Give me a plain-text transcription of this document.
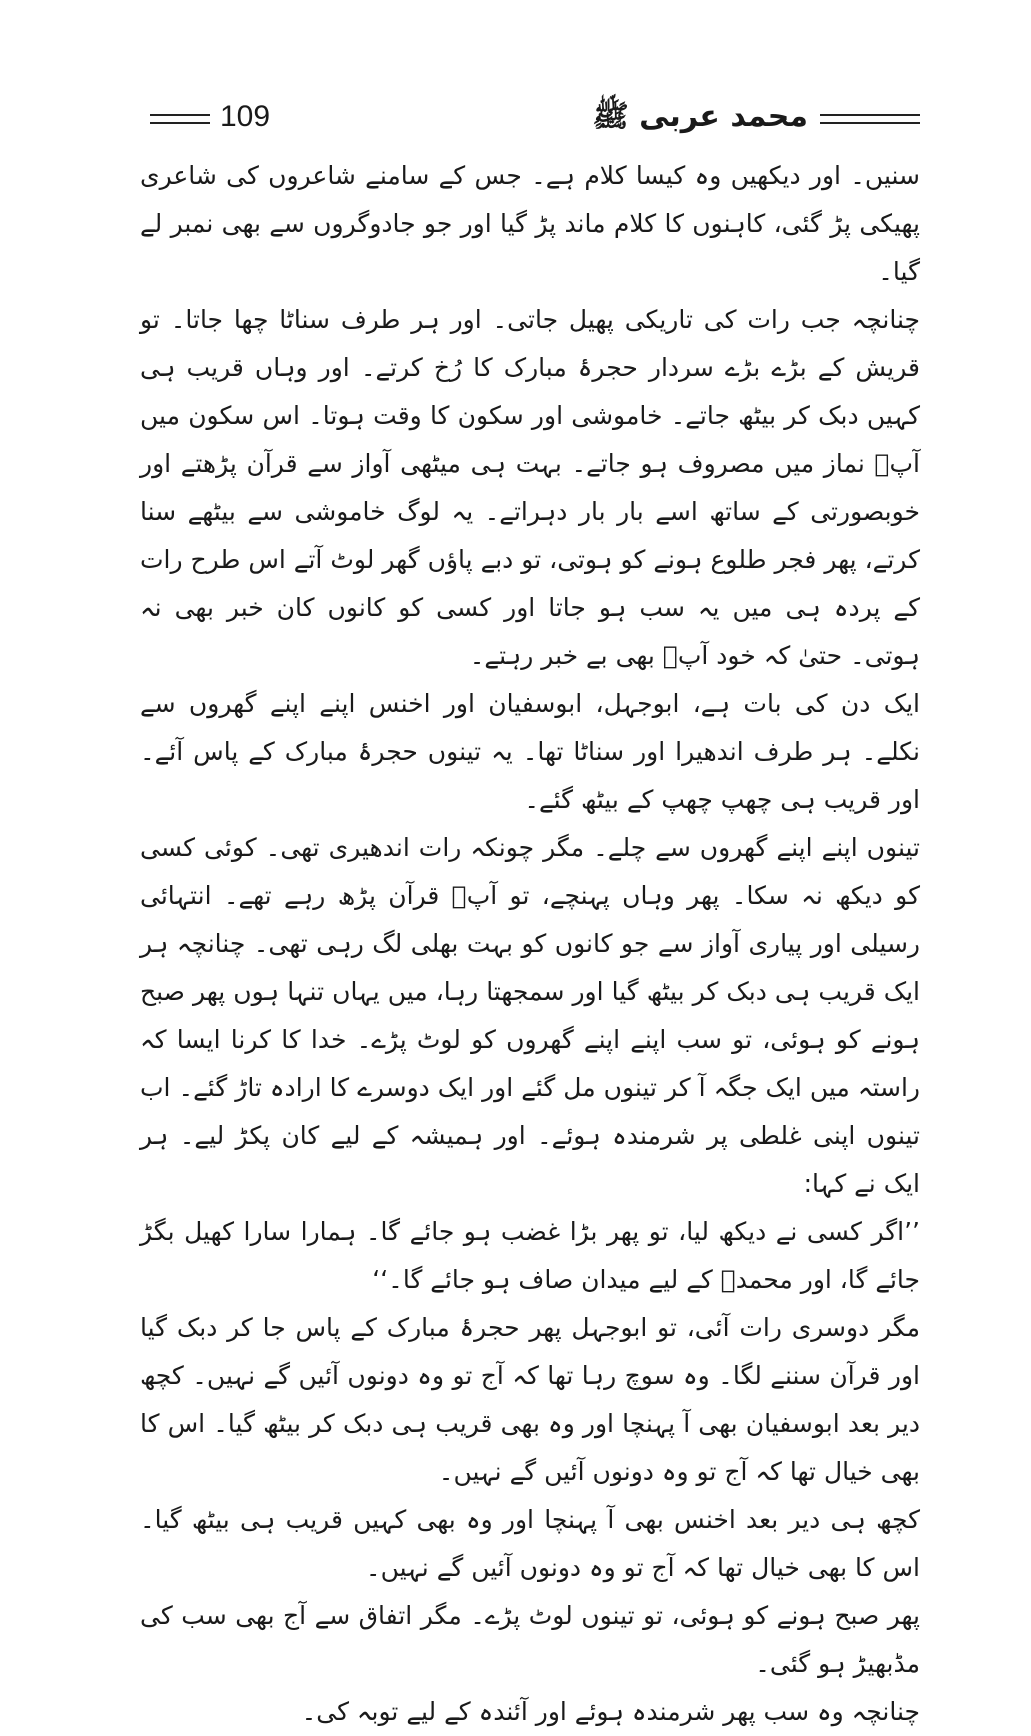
109	محمد عربی ﷺ

سنیں۔ اور دیکھیں وہ کیسا کلام ہے۔ جس کے سامنے شاعروں کی شاعری پھیکی پڑ گئی، کاہنوں کا کلام ماند پڑ گیا اور جو جادوگروں سے بھی نمبر لے گیا۔

چنانچہ جب رات کی تاریکی پھیل جاتی۔ اور ہر طرف سناٹا چھا جاتا۔ تو قریش کے بڑے بڑے سردار حجرۂ مبارک کا رُخ کرتے۔ اور وہاں قریب ہی کہیں دبک کر بیٹھ جاتے۔ خاموشی اور سکون کا وقت ہوتا۔ اس سکون میں آپؐ نماز میں مصروف ہو جاتے۔ بہت ہی میٹھی آواز سے قرآن پڑھتے اور خوبصورتی کے ساتھ اسے بار بار دہراتے۔ یہ لوگ خاموشی سے بیٹھے سنا کرتے، پھر فجر طلوع ہونے کو ہوتی، تو دبے پاؤں گھر لوٹ آتے اس طرح رات کے پردہ ہی میں یہ سب ہو جاتا اور کسی کو کانوں کان خبر بھی نہ ہوتی۔ حتیٰ کہ خود آپؐ بھی بے خبر رہتے۔

ایک دن کی بات ہے، ابوجہل، ابوسفیان اور اخنس اپنے اپنے گھروں سے نکلے۔ ہر طرف اندھیرا اور سناٹا تھا۔ یہ تینوں حجرۂ مبارک کے پاس آئے۔ اور قریب ہی چھپ چھپ کے بیٹھ گئے۔

تینوں اپنے اپنے گھروں سے چلے۔ مگر چونکہ رات اندھیری تھی۔ کوئی کسی کو دیکھ نہ سکا۔ پھر وہاں پہنچے، تو آپؐ قرآن پڑھ رہے تھے۔ انتہائی رسیلی اور پیاری آواز سے جو کانوں کو بہت بھلی لگ رہی تھی۔ چنانچہ ہر ایک قریب ہی دبک کر بیٹھ گیا اور سمجھتا رہا، میں یہاں تنہا ہوں پھر صبح ہونے کو ہوئی، تو سب اپنے اپنے گھروں کو لوٹ پڑے۔ خدا کا کرنا ایسا کہ راستہ میں ایک جگہ آ کر تینوں مل گئے اور ایک دوسرے کا ارادہ تاڑ گئے۔ اب تینوں اپنی غلطی پر شرمندہ ہوئے۔ اور ہمیشہ کے لیے کان پکڑ لیے۔ ہر ایک نے کہا:

’’اگر کسی نے دیکھ لیا، تو پھر بڑا غضب ہو جائے گا۔ ہمارا سارا کھیل بگڑ جائے گا، اور محمدؐ کے لیے میدان صاف ہو جائے گا۔‘‘

مگر دوسری رات آئی، تو ابوجہل پھر حجرۂ مبارک کے پاس جا کر دبک گیا اور قرآن سننے لگا۔ وہ سوچ رہا تھا کہ آج تو وہ دونوں آئیں گے نہیں۔ کچھ دیر بعد ابوسفیان بھی آ پہنچا اور وہ بھی قریب ہی دبک کر بیٹھ گیا۔ اس کا بھی خیال تھا کہ آج تو وہ دونوں آئیں گے نہیں۔

کچھ ہی دیر بعد اخنس بھی آ پہنچا اور وہ بھی کہیں قریب ہی بیٹھ گیا۔ اس کا بھی خیال تھا کہ آج تو وہ دونوں آئیں گے نہیں۔

پھر صبح ہونے کو ہوئی، تو تینوں لوٹ پڑے۔ مگر اتفاق سے آج بھی سب کی مڈبھیڑ ہو گئی۔

چنانچہ وہ سب پھر شرمندہ ہوئے اور آئندہ کے لیے توبہ کی۔
